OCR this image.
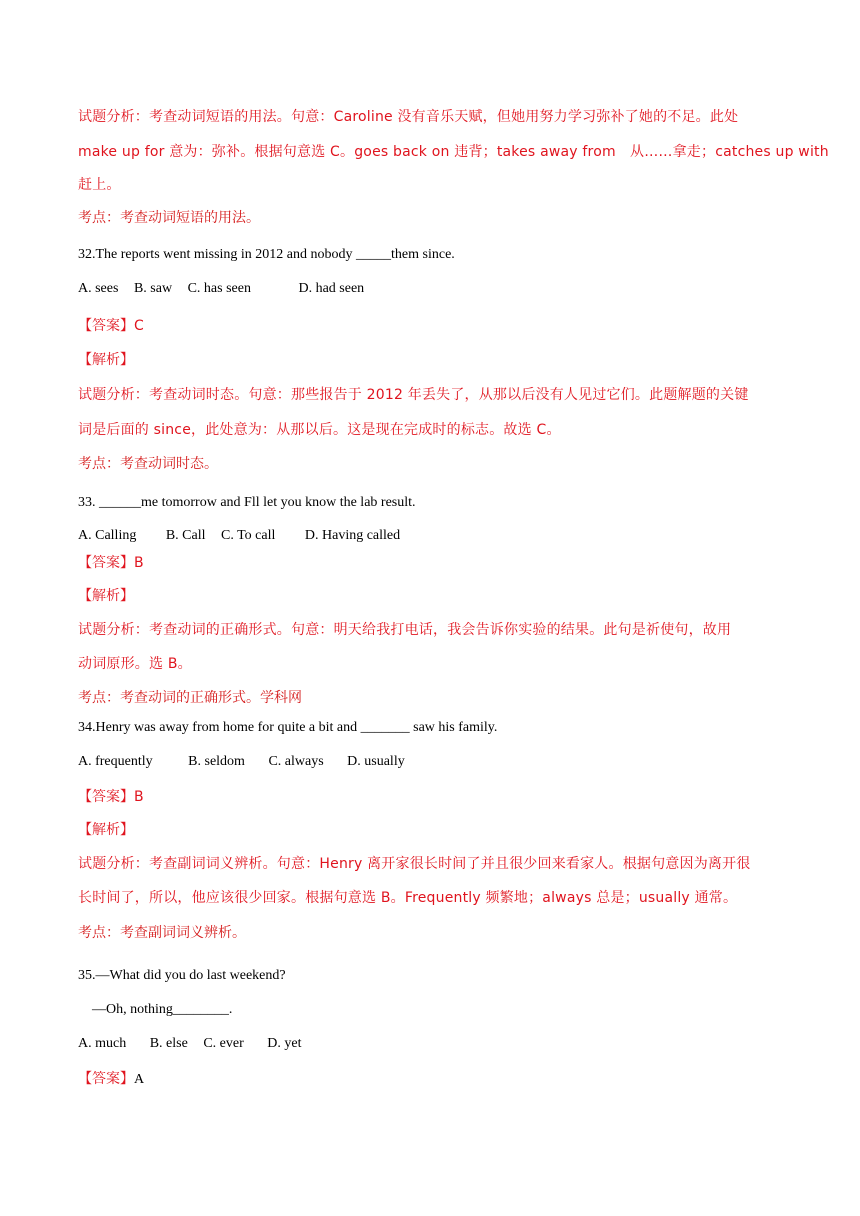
试题分析：考查动词短语的用法。句意：Caroline 没有音乐天赋，但她用努力学习弥补了她的不足。此处
make up for 意为：弥补。根据句意选 C。goes back on 违背；takes away from　从……拿走；catches up with
赶上。
考点：考查动词短语的用法。
32.The reports went missing in 2012 and nobody _____them since.
A. sees B. saw C. has seen	D. had seen
【答案】C
【解析】
试题分析：考查动词时态。句意：那些报告于 2012 年丢失了，从那以后没有人见过它们。此题解题的关键
词是后面的 since，此处意为：从那以后。这是现在完成时的标志。故选 C。
考点：考查动词时态。
33. ______me tomorrow and Fll let you know the lab result.
A. Calling B. Call C. To call D. Having called
【答案】B
【解析】
试题分析：考查动词的正确形式。句意：明天给我打电话，我会告诉你实验的结果。此句是祈使句，故用
动词原形。选 B。
考点：考查动词的正确形式。学科网
34.Henry was away from home for quite a bit and _______ saw his family.
A. frequently	B. seldom C. always D. usually
【答案】B
【解析】
试题分析：考查副词词义辨析。句意：Henry 离开家很长时间了并且很少回来看家人。根据句意因为离开很
长时间了，所以，他应该很少回家。根据句意选 B。Frequently 频繁地；always 总是；usually 通常。
考点：考查副词词义辨析。
35.—What did you do last weekend?
—Oh, nothing________.
A. much B. else C. ever D. yet
【答案】A
